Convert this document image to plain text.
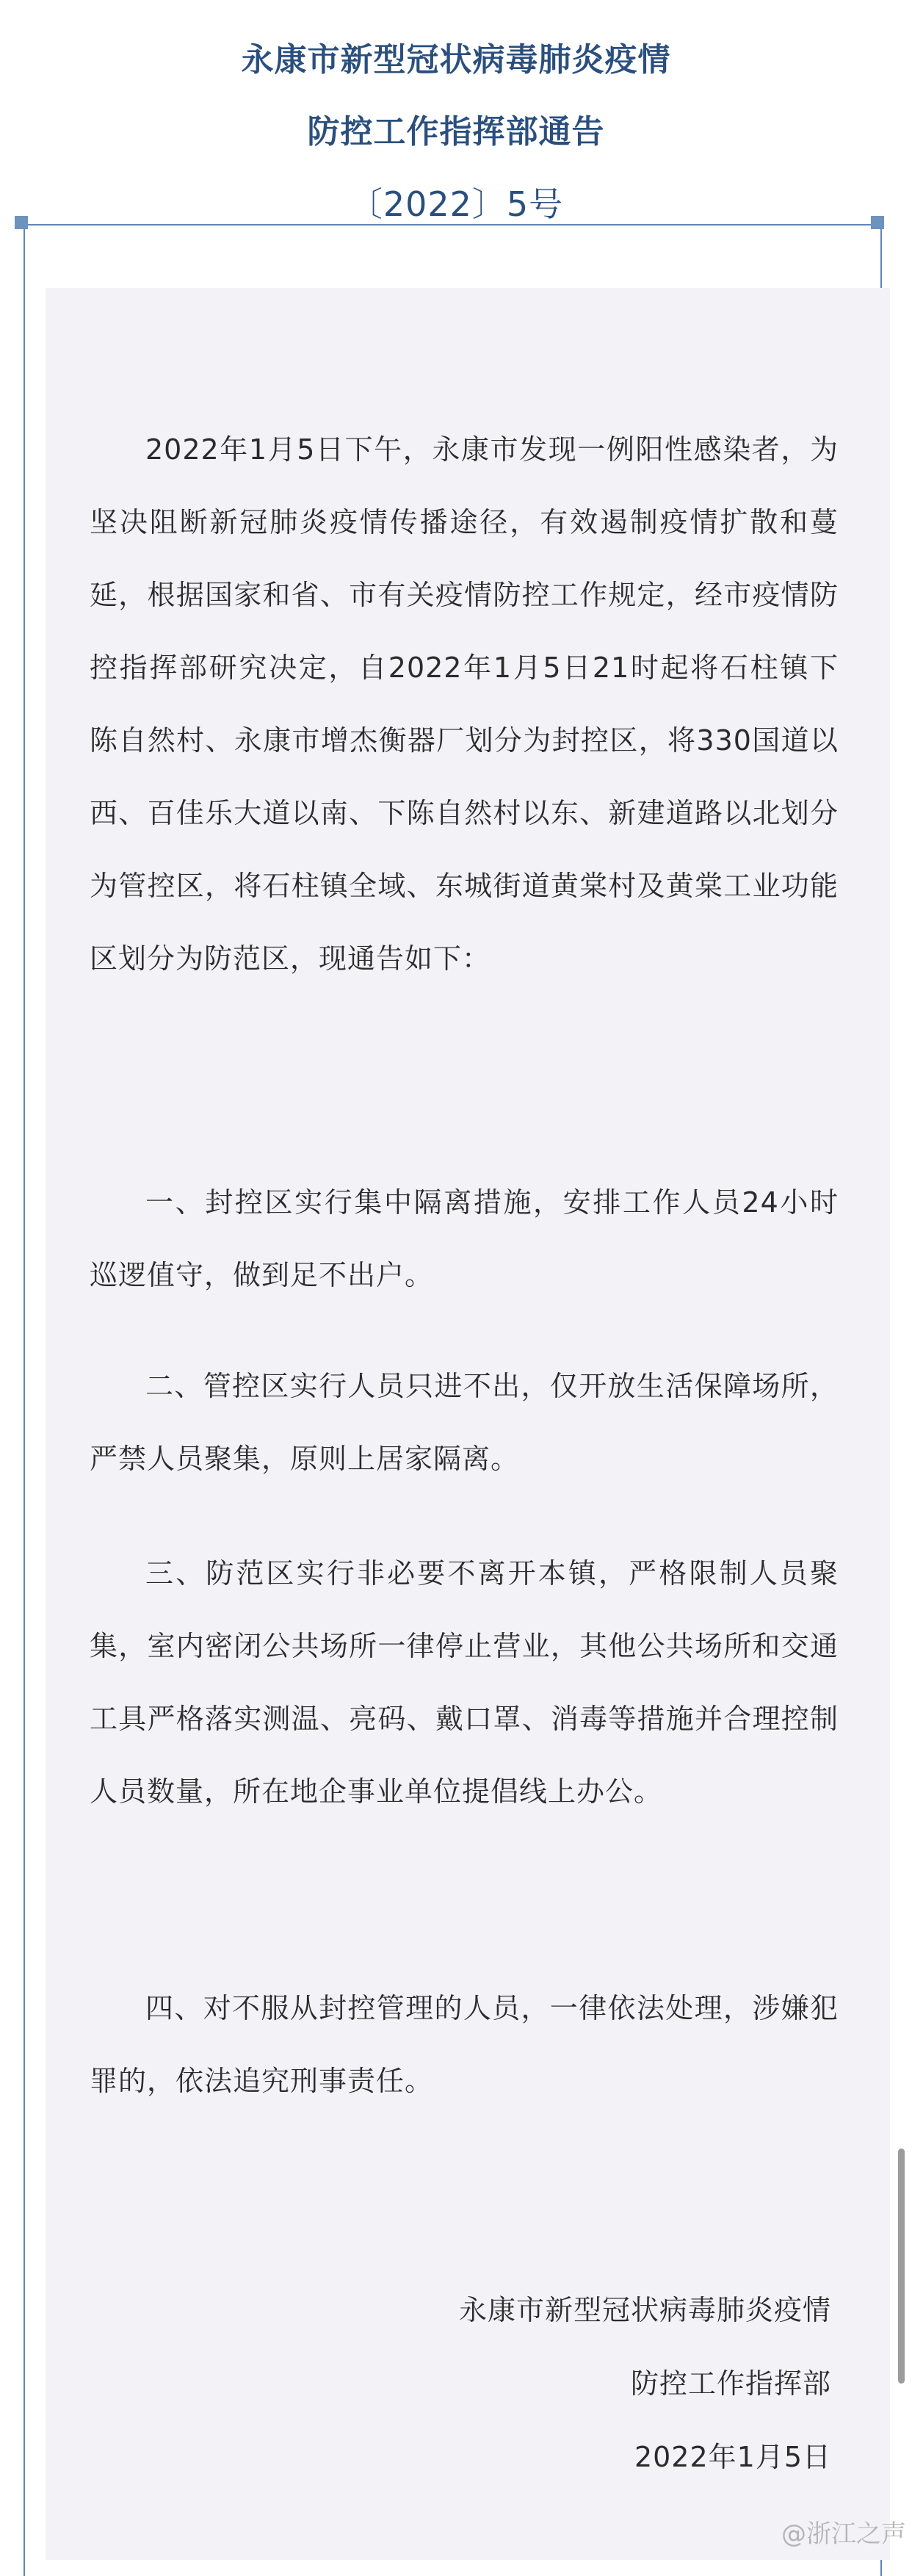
永康市新型冠状病毒肺炎疫情
防控工作指挥部通告
〔2022〕5号

2022年1月5日下午，永康市发现一例阳性感染者，为坚决阻断新冠肺炎疫情传播途径，有效遏制疫情扩散和蔓延，根据国家和省、市有关疫情防控工作规定，经市疫情防控指挥部研究决定，自2022年1月5日21时起将石柱镇下陈自然村、永康市增杰衡器厂划分为封控区，将330国道以西、百佳乐大道以南、下陈自然村以东、新建道路以北划分为管控区，将石柱镇全域、东城街道黄棠村及黄棠工业功能区划分为防范区，现通告如下：

一、封控区实行集中隔离措施，安排工作人员24小时巡逻值守，做到足不出户。

二、管控区实行人员只进不出，仅开放生活保障场所，严禁人员聚集，原则上居家隔离。

三、防范区实行非必要不离开本镇，严格限制人员聚集，室内密闭公共场所一律停止营业，其他公共场所和交通工具严格落实测温、亮码、戴口罩、消毒等措施并合理控制 人员数量，所在地企事业单位提倡线上办公。

四、对不服从封控管理的人员，一律依法处理，涉嫌犯罪的，依法追究刑事责任。

永康市新型冠状病毒肺炎疫情
防控工作指挥部
2022年1月5日
@浙江之声
